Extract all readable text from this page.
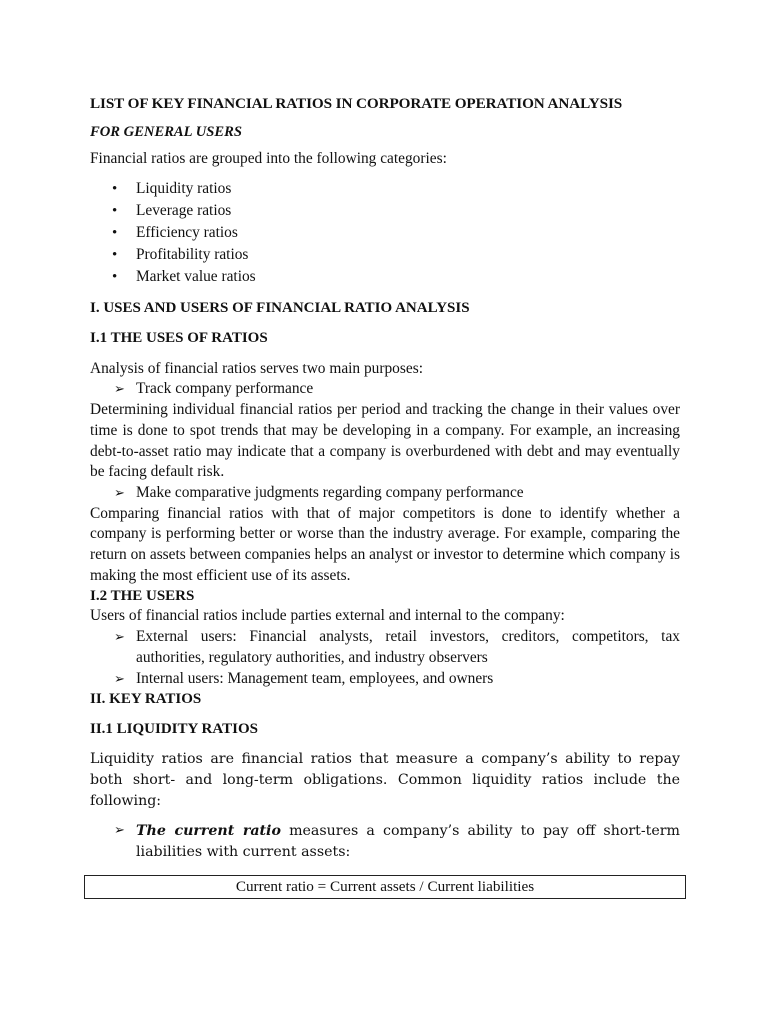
LIST OF KEY FINANCIAL RATIOS IN CORPORATE OPERATION ANALYSIS

FOR GENERAL USERS

Financial ratios are grouped into the following categories:

• Liquidity ratios
• Leverage ratios
• Efficiency ratios
• Profitability ratios
• Market value ratios

I. USES AND USERS OF FINANCIAL RATIO ANALYSIS

I.1 THE USES OF RATIOS

Analysis of financial ratios serves two main purposes:

➢ Track company performance

Determining individual financial ratios per period and tracking the change in their values over time is done to spot trends that may be developing in a company. For example, an increasing debt-to-asset ratio may indicate that a company is overburdened with debt and may eventually be facing default risk.

➢ Make comparative judgments regarding company performance

Comparing financial ratios with that of major competitors is done to identify whether a company is performing better or worse than the industry average. For example, comparing the return on assets between companies helps an analyst or investor to determine which company is making the most efficient use of its assets.

I.2 THE USERS

Users of financial ratios include parties external and internal to the company:

➢ External users: Financial analysts, retail investors, creditors, competitors, tax authorities, regulatory authorities, and industry observers
➢ Internal users: Management team, employees, and owners

II. KEY RATIOS

II.1 LIQUIDITY RATIOS

Liquidity ratios are financial ratios that measure a company’s ability to repay both short- and long-term obligations. Common liquidity ratios include the following:

➢ The current ratio measures a company’s ability to pay off short-term liabilities with current assets:
Current ratio = Current assets / Current liabilities
